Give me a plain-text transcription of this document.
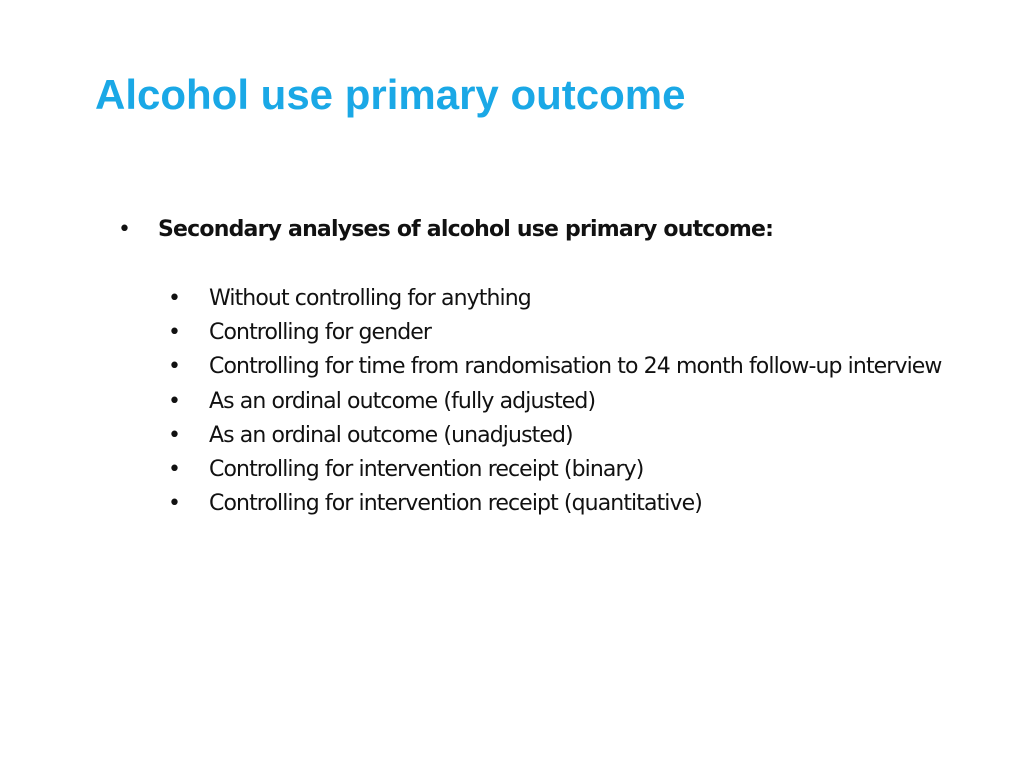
Alcohol use primary outcome
• Secondary analyses of alcohol use primary outcome:
• Without controlling for anything
• Controlling for gender
• Controlling for time from randomisation to 24 month follow-up interview
• As an ordinal outcome (fully adjusted)
• As an ordinal outcome (unadjusted)
• Controlling for intervention receipt (binary)
• Controlling for intervention receipt (quantitative)
